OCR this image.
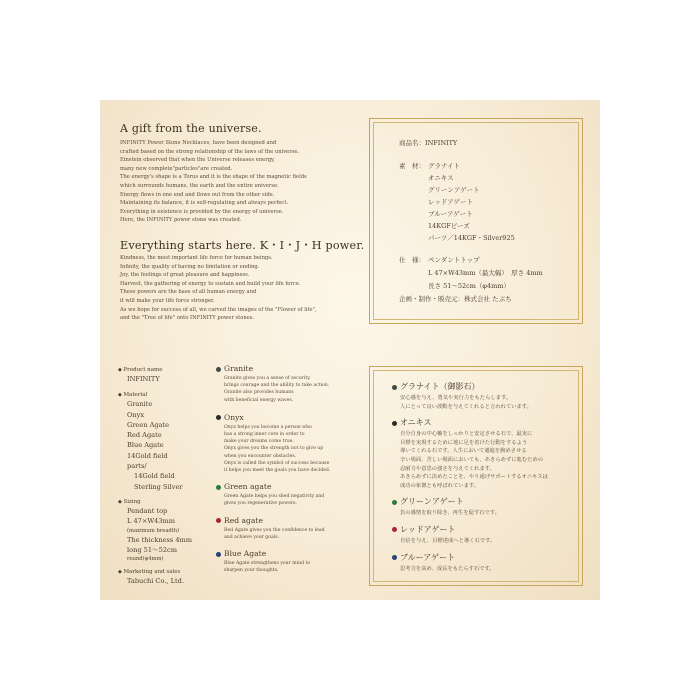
A gift from the universe.
INFINITY Power Stone Necklaces, have been designed and
crafted based on the strong relationship of the laws of the universe.
Einstein observed that when the Universe releases energy,
many new complete"particles"are created.
The energy's shape is a Torus and it is the shape of the magnetic fields
which surrounds humans, the earth and the entire universe.
Energy flows in one end and flows out from the other side.
Maintaining its balance, it is self-regulating and always perfect.
Everything in existence is provided by the energy of universe.
Here, the INFINITY power stone was created.
Everything starts here. K・I・J・H power.
Kindness, the most important life force for human beings.
Infinity, the quality of having no limitation or ending.
Joy, the feelings of great pleasure and happiness.
Harvest, the gathering of energy to sustain and build your life force.
These powers are the base of all human energy and
it will make your life force stronger.
As we hope for success of all, we carved the images of the "Flower of life",
and the "Tree of life" onto INFINITY power stones.
商品名：INFINITY
素　材： グラナイト
オニキス
グリーンアゲート
レッドアゲート
ブルーアゲート
14KGFビーズ
パーツ／14KGF・Silver925
仕　様： ペンダントトップ
L 47×W43mm（最大幅）　厚さ 4mm
長さ 51～52cm（φ4mm）
企画・制作・販売元：株式会社 たぶち
◆ Product name
INFINITY
◆ Material
Granite
Onyx
Green Agate
Red Agate
Blue Agate
14Gold field
parts/
14Gold field
Sterling Silver
◆ Sizing
Pendant top
L 47×W43mm
(maximum breadth)
The thickness 4mm
long 51～52cm
round(φ4mm)
◆ Marketing and sales
Tabuchi Co., Ltd.
Granite
Granite gives you a sense of security,
brings courage and the ability to take action.
Granite also provides humans
with beneficial energy waves.
Onyx
Onyx helps you become a person who
has a strong inner core in order to
make your dreams come true.
Onyx gives you the strength not to give up
when you encounter obstacles.
Onyx is called the symbol of success because
it helps you meet the goals you have decided.
Green agate
Green Agate helps you shed negativity and
gives you regenerative powers.
Red agate
Red Agate gives you the confidence to lead
and achieve your goals.
Blue Agate
Blue Agate strengthens your mind to
sharpen your thoughts.
グラナイト（御影石）
安心感を与え、勇気や実行力をもたらします。
人にとって良い波動を与えてくれると言われています。
オニキス
自分自身の中心軸をしっかりと安定させる石で、最実に
目標を実現するために地に足を着けた行動をするよう
導いてくれる石です。人生において邁進を腕めさせる
辛い場面、苦しい場面においても、あきらめずに進むための
忍耐力や意思の強さを与えてくれます。
あきらめずに決めたことを、やり通げサポートするオニキスは
成功の象徴とも呼ばれています。
グリーンアゲート
負の感情を取り除き、再生を促す石です。
レッドアゲート
自信を与え、目標達成へと導く石です。
ブルーアゲート
思考力を高め、成長をもたらす石です。
